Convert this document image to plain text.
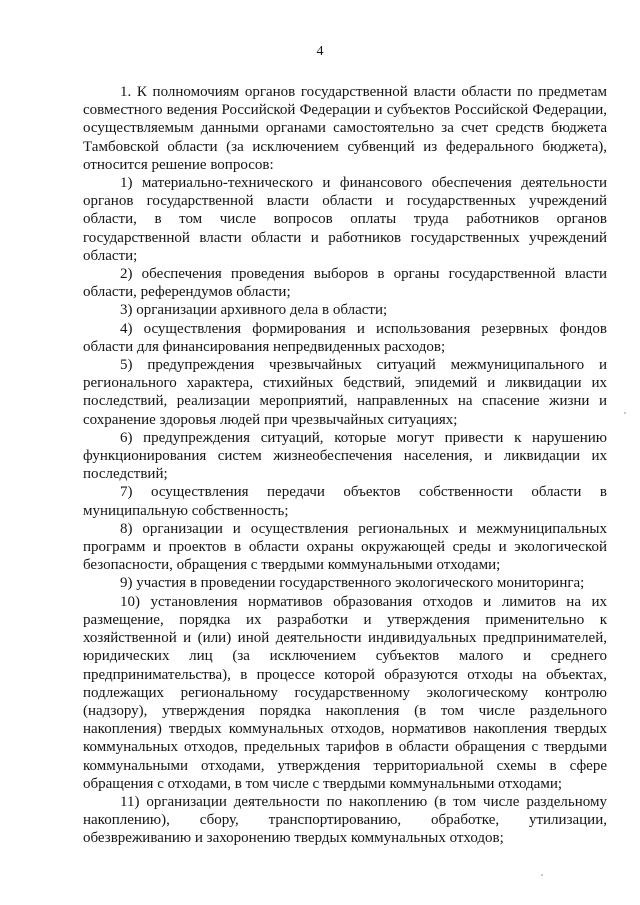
4

1. К полномочиям органов государственной власти области по предметам совместного ведения Российской Федерации и субъектов Российской Федерации, осуществляемым данными органами самостоятельно за счет средств бюджета Тамбовской области (за исключением субвенций из федерального бюджета), относится решение вопросов:

1) материально-технического и финансового обеспечения деятельности органов государственной власти области и государственных учреждений области, в том числе вопросов оплаты труда работников органов государственной власти области и работников государственных учреждений области;

2) обеспечения проведения выборов в органы государственной власти области, референдумов области;

3) организации архивного дела в области;

4) осуществления формирования и использования резервных фондов области для финансирования непредвиденных расходов;

5) предупреждения чрезвычайных ситуаций межмуниципального и регионального характера, стихийных бедствий, эпидемий и ликвидации их последствий, реализации мероприятий, направленных на спасение жизни и сохранение здоровья людей при чрезвычайных ситуациях;

6) предупреждения ситуаций, которые могут привести к нарушению функционирования систем жизнеобеспечения населения, и ликвидации их последствий;

7) осуществления передачи объектов собственности области в муниципальную собственность;

8) организации и осуществления региональных и межмуниципальных программ и проектов в области охраны окружающей среды и экологической безопасности, обращения с твердыми коммунальными отходами;

9) участия в проведении государственного экологического мониторинга;

10) установления нормативов образования отходов и лимитов на их размещение, порядка их разработки и утверждения применительно к хозяйственной и (или) иной деятельности индивидуальных предпринимателей, юридических лиц (за исключением субъектов малого и среднего предпринимательства), в процессе которой образуются отходы на объектах, подлежащих региональному государственному экологическому контролю (надзору), утверждения порядка накопления (в том числе раздельного накопления) твердых коммунальных отходов, нормативов накопления твердых коммунальных отходов, предельных тарифов в области обращения с твердыми коммунальными отходами, утверждения территориальной схемы в сфере обращения с отходами, в том числе с твердыми коммунальными отходами;

11) организации деятельности по накоплению (в том числе раздельному накоплению), сбору, транспортированию, обработке, утилизации, обезвреживанию и захоронению твердых коммунальных отходов;
